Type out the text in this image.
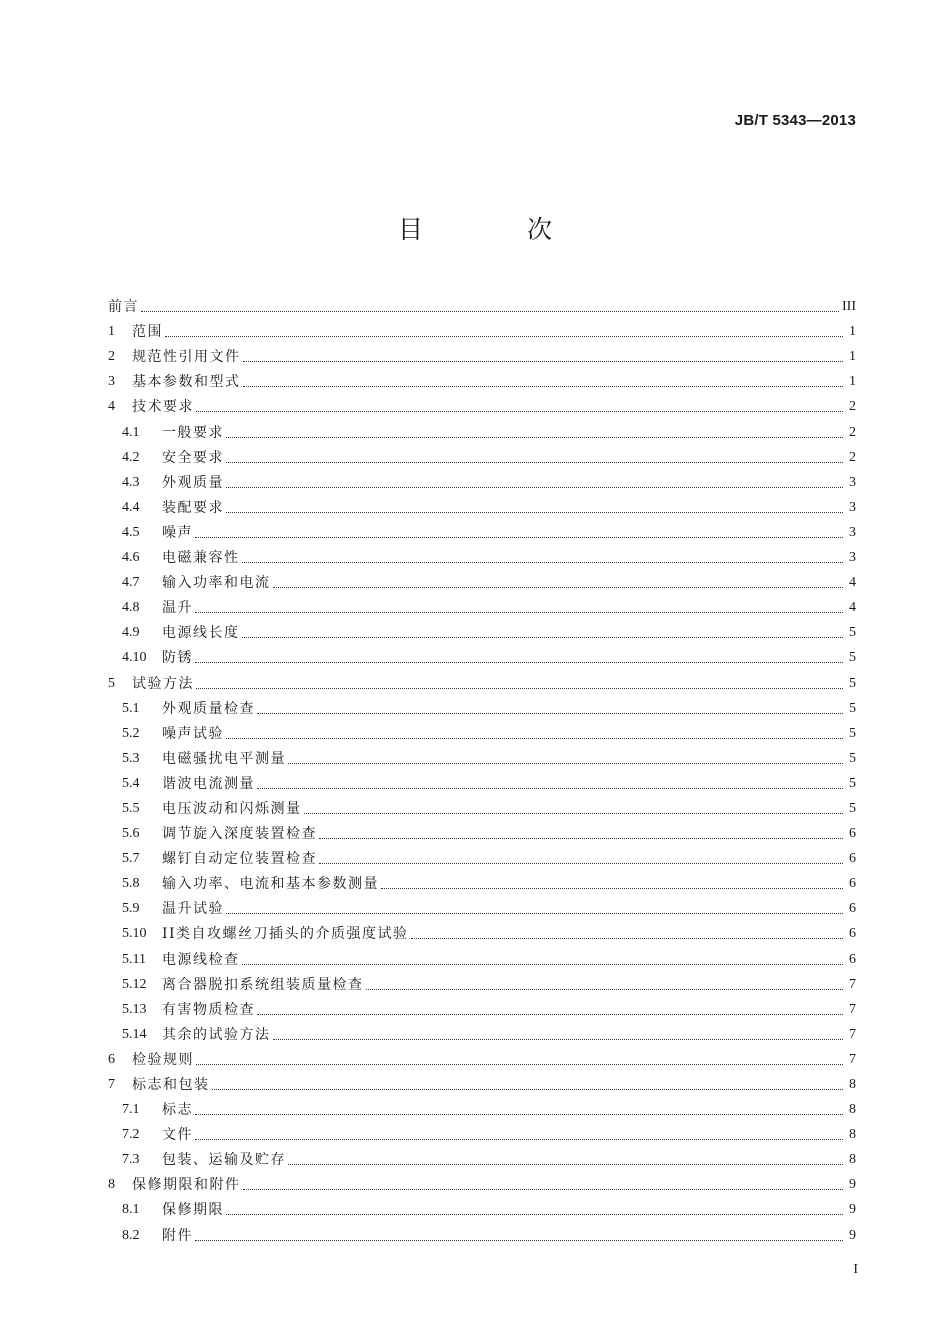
JB/T 5343—2013
目 次
前言	III
1	范围	1
2	规范性引用文件	1
3	基本参数和型式	1
4	技术要求	2
4.1	一般要求	2
4.2	安全要求	2
4.3	外观质量	3
4.4	装配要求	3
4.5	噪声	3
4.6	电磁兼容性	3
4.7	输入功率和电流	4
4.8	温升	4
4.9	电源线长度	5
4.10	防锈	5
5	试验方法	5
5.1	外观质量检查	5
5.2	噪声试验	5
5.3	电磁骚扰电平测量	5
5.4	谐波电流测量	5
5.5	电压波动和闪烁测量	5
5.6	调节旋入深度装置检查	6
5.7	螺钉自动定位装置检查	6
5.8	输入功率、电流和基本参数测量	6
5.9	温升试验	6
5.10	II类自攻螺丝刀插头的介质强度试验	6
5.11	电源线检查	6
5.12	离合器脱扣系统组装质量检查	7
5.13	有害物质检查	7
5.14	其余的试验方法	7
6	检验规则	7
7	标志和包装	8
7.1	标志	8
7.2	文件	8
7.3	包装、运输及贮存	8
8	保修期限和附件	9
8.1	保修期限	9
8.2	附件	9
I
